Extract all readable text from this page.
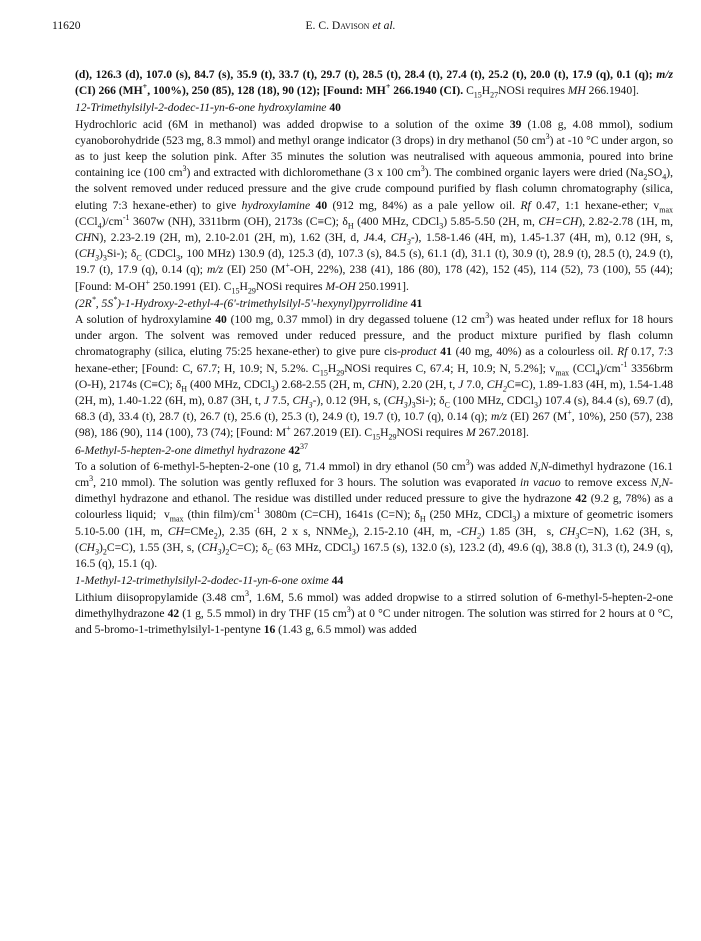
11620	E. C. Davison et al.

(d), 126.3 (d), 107.0 (s), 84.7 (s), 35.9 (t), 33.7 (t), 29.7 (t), 28.5 (t), 28.4 (t), 27.4 (t), 25.2 (t), 20.0 (t), 17.9 (q), 0.1 (q); m/z (CI) 266 (MH+, 100%), 250 (85), 128 (18), 90 (12); [Found: MH+ 266.1940 (CI). $C_{15}H_{27}NOSi$ requires MH 266.1940].

12-Trimethylsilyl-2-dodec-11-yn-6-one hydroxylamine 40

Hydrochloric acid (6M in methanol) was added dropwise to a solution of the oxime 39 (1.08 g, 4.08 mmol), sodium cyanoborohydride (523 mg, 8.3 mmol) and methyl orange indicator (3 drops) in dry methanol (50 $cm^3$) at -10 °C under argon, so as to just keep the solution pink. After 35 minutes the solution was neutralised with aqueous ammonia, poured into brine containing ice (100 $cm^3$) and extracted with dichloromethane (3 x 100 $cm^3$). The combined organic layers were dried $(Na_2SO_4)$, the solvent removed under reduced pressure and the give crude compound purified by flash column chromatography (silica, eluting 7:3 hexane-ether) to give hydroxylamine 40 (912 mg, 84%) as a pale yellow oil. Rf 0.47, 1:1 hexane-ether; $v_{max}$ $(CCl_4)/cm^{-1}$ 3607w (NH), 3311brm (OH), 2173s (C≡C); $\delta_H$ (400 MHz, CDCl$_3$) 5.85-5.50 (2H, m, CH=CH), 2.82-2.78 (1H, m, CHN), 2.23-2.19 (2H, m), 2.10-2.01 (2H, m), 1.62 (3H, d, J4.4, $CH_3-$), 1.58-1.46 (4H, m), 1.45-1.37 (4H, m), 0.12 (9H, s, $(CH_3)_3Si-$); $\delta_C$ (CDCl$_3$, 100 MHz) 130.9 (d), 125.3 (d), 107.3 (s), 84.5 (s), 61.1 (d), 31.1 (t), 30.9 (t), 28.9 (t), 28.5 (t), 24.9 (t), 19.7 (t), 17.9 (q), 0.14 (q); m/z (EI) 250 (M+-OH, 22%), 238 (41), 186 (80), 178 (42), 152 (45), 114 (52), 73 (100), 55 (44); [Found: M-OH+ 250.1991 (EI). $C_{15}H_{29}NOSi$ requires M-OH 250.1991].

(2R*, 5S*)-1-Hydroxy-2-ethyl-4-(6'-trimethylsilyl-5'-hexynyl)pyrrolidine 41

A solution of hydroxylamine 40 (100 mg, 0.37 mmol) in dry degassed toluene (12 $cm^3$) was heated under reflux for 18 hours under argon. The solvent was removed under reduced pressure, and the product mixture purified by flash column chromatography (silica, eluting 75:25 hexane-ether) to give pure cis-product 41 (40 mg, 40%) as a colourless oil. Rf 0.17, 7:3 hexane-ether; [Found: C, 67.7; H, 10.9; N, 5.2%. $C_{15}H_{29}NOSi$ requires C, 67.4; H, 10.9; N, 5.2%]; $v_{max}$ $(CCl_4)/cm^{-1}$ 3356brm (O-H), 2174s (C≡C); $\delta_H$ (400 MHz, CDCl$_3$) 2.68-2.55 (2H, m, CHN), 2.20 (2H, t, J 7.0, $CH_2C\equiv C$), 1.89-1.83 (4H, m), 1.54-1.48 (2H, m), 1.40-1.22 (6H, m), 0.87 (3H, t, J 7.5, $CH_3-$), 0.12 (9H, s, $(CH_3)_3Si-$); $\delta_C$ (100 MHz, CDCl$_3$) 107.4 (s), 84.4 (s), 69.7 (d), 68.3 (d), 33.4 (t), 28.7 (t), 26.7 (t), 25.6 (t), 25.3 (t), 24.9 (t), 19.7 (t), 10.7 (q), 0.14 (q); m/z (EI) 267 (M+, 10%), 250 (57), 238 (98), 186 (90), 114 (100), 73 (74); [Found: M+ 267.2019 (EI). $C_{15}H_{29}NOSi$ requires M 267.2018].

6-Methyl-5-hepten-2-one dimethyl hydrazone $42^{37}$

To a solution of 6-methyl-5-hepten-2-one (10 g, 71.4 mmol) in dry ethanol (50 $cm^3$) was added N,N-dimethyl hydrazone (16.1 $cm^3$, 210 mmol). The solution was gently refluxed for 3 hours. The solution was evaporated in vacuo to remove excess N,N-dimethyl hydrazone and ethanol. The residue was distilled under reduced pressure to give the hydrazone 42 (9.2 g, 78%) as a colourless liquid;  $v_{max}$ (thin $film)/cm^{-1}$ 3080m (C=CH), 1641s (C=N); $\delta_H$ (250 MHz, CDCl$_3$) a mixture of geometric isomers 5.10-5.00 (1H, m, CH=CMe$_2$), 2.35 (6H, 2 x s, NNMe$_2$), 2.15-2.10 (4H, m, $-CH_2$) 1.85 (3H,  s, $CH_3C=N$), 1.62 (3H, s, $(CH_3)_2C=C$), 1.55 (3H, s, $(CH_3)_2C=C$); $\delta_C$ (63 MHz, CDCl$_3$) 167.5 (s), 132.0 (s), 123.2 (d), 49.6 (q), 38.8 (t), 31.3 (t), 24.9 (q), 16.5 (q), 15.1 (q).

1-Methyl-12-trimethylsilyl-2-dodec-11-yn-6-one oxime 44

Lithium diisopropylamide (3.48 $cm^3$, 1.6M, 5.6 mmol) was added dropwise to a stirred solution of 6-methyl-5-hepten-2-one dimethylhydrazone 42 (1 g, 5.5 mmol) in dry THF (15 $cm^3$) at 0 °C under nitrogen. The solution was stirred for 2 hours at 0 °C, and 5-bromo-1-trimethylsilyl-1-pentyne 16 (1.43 g, 6.5 mmol) was added
